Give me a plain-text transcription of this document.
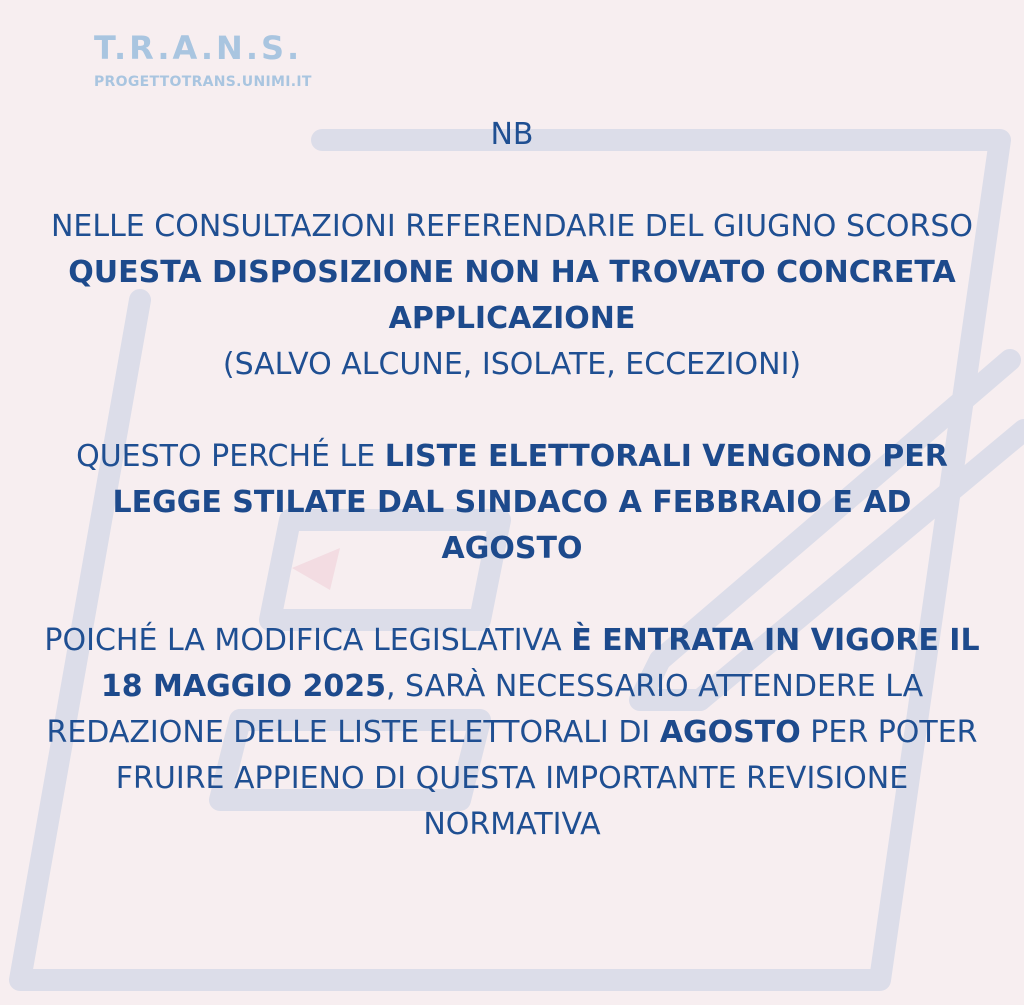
T.R.A.N.S.
PROGETTOTRANS.UNIMI.IT

NB

NELLE CONSULTAZIONI REFERENDARIE DEL GIUGNO SCORSO QUESTA DISPOSIZIONE NON HA TROVATO CONCRETA APPLICAZIONE
(SALVO ALCUNE, ISOLATE, ECCEZIONI)

QUESTO PERCHÉ LE LISTE ELETTORALI VENGONO PER LEGGE STILATE DAL SINDACO A FEBBRAIO E AD AGOSTO

POICHÉ LA MODIFICA LEGISLATIVA È ENTRATA IN VIGORE IL 18 MAGGIO 2025, SARÀ NECESSARIO ATTENDERE LA REDAZIONE DELLE LISTE ELETTORALI DI AGOSTO PER POTER FRUIRE APPIENO DI QUESTA IMPORTANTE REVISIONE NORMATIVA
